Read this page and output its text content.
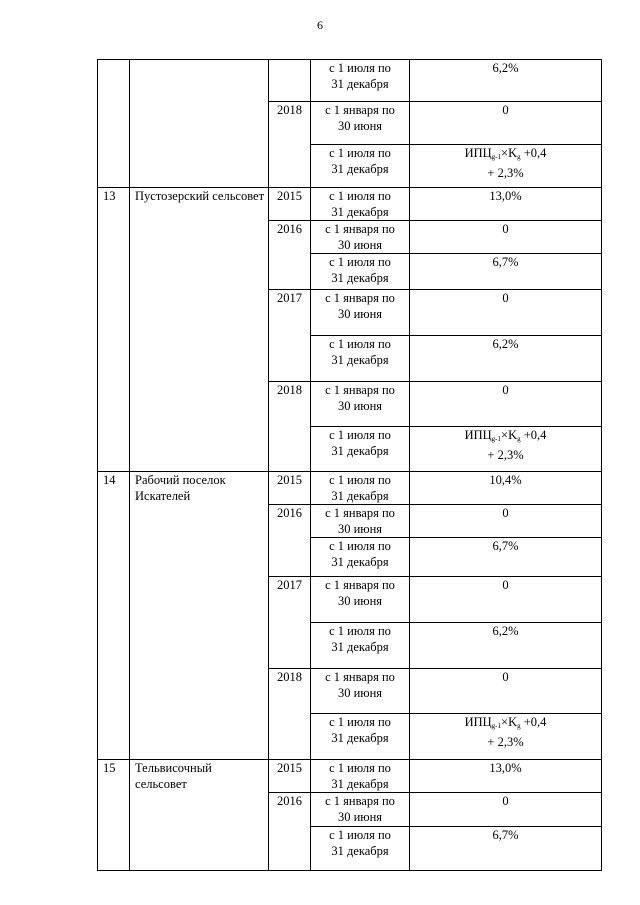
6

			с 1 июля по
31 декабря	6,2%
		2018	с 1 января по
30 июня	0

			с 1 июля по
31 декабря	$ИПЦ_{g-1}\times K_g +0,4$
+ 2,3%

13	Пустозерский сельсовет	2015	с 1 июля по
31 декабря	13,0%
		2016	с 1 января по
30 июня	0

			с 1 июля по
31 декабря	6,7%
		2017	с 1 января по
30 июня	0

			с 1 июля по
31 декабря	6,2%
		2018	с 1 января по
30 июня	0

			с 1 июля по
31 декабря	$ИПЦ_{g-1}\times K_g +0,4$
+ 2,3%

14	Рабочий поселок Искателей	2015	с 1 июля по
31 декабря	10,4%
		2016	с 1 января по
30 июня	0

			с 1 июля по
31 декабря	6,7%
		2017	с 1 января по
30 июня	0

			с 1 июля по
31 декабря	6,2%
		2018	с 1 января по
30 июня	0

			с 1 июля по
31 декабря	$ИПЦ_{g-1}\times K_g +0,4$
+ 2,3%

15	Тельвисочный сельсовет	2015	с 1 июля по
31 декабря	13,0%
		2016	с 1 января по
30 июня	0

			с 1 июля по
31 декабря	6,7%
